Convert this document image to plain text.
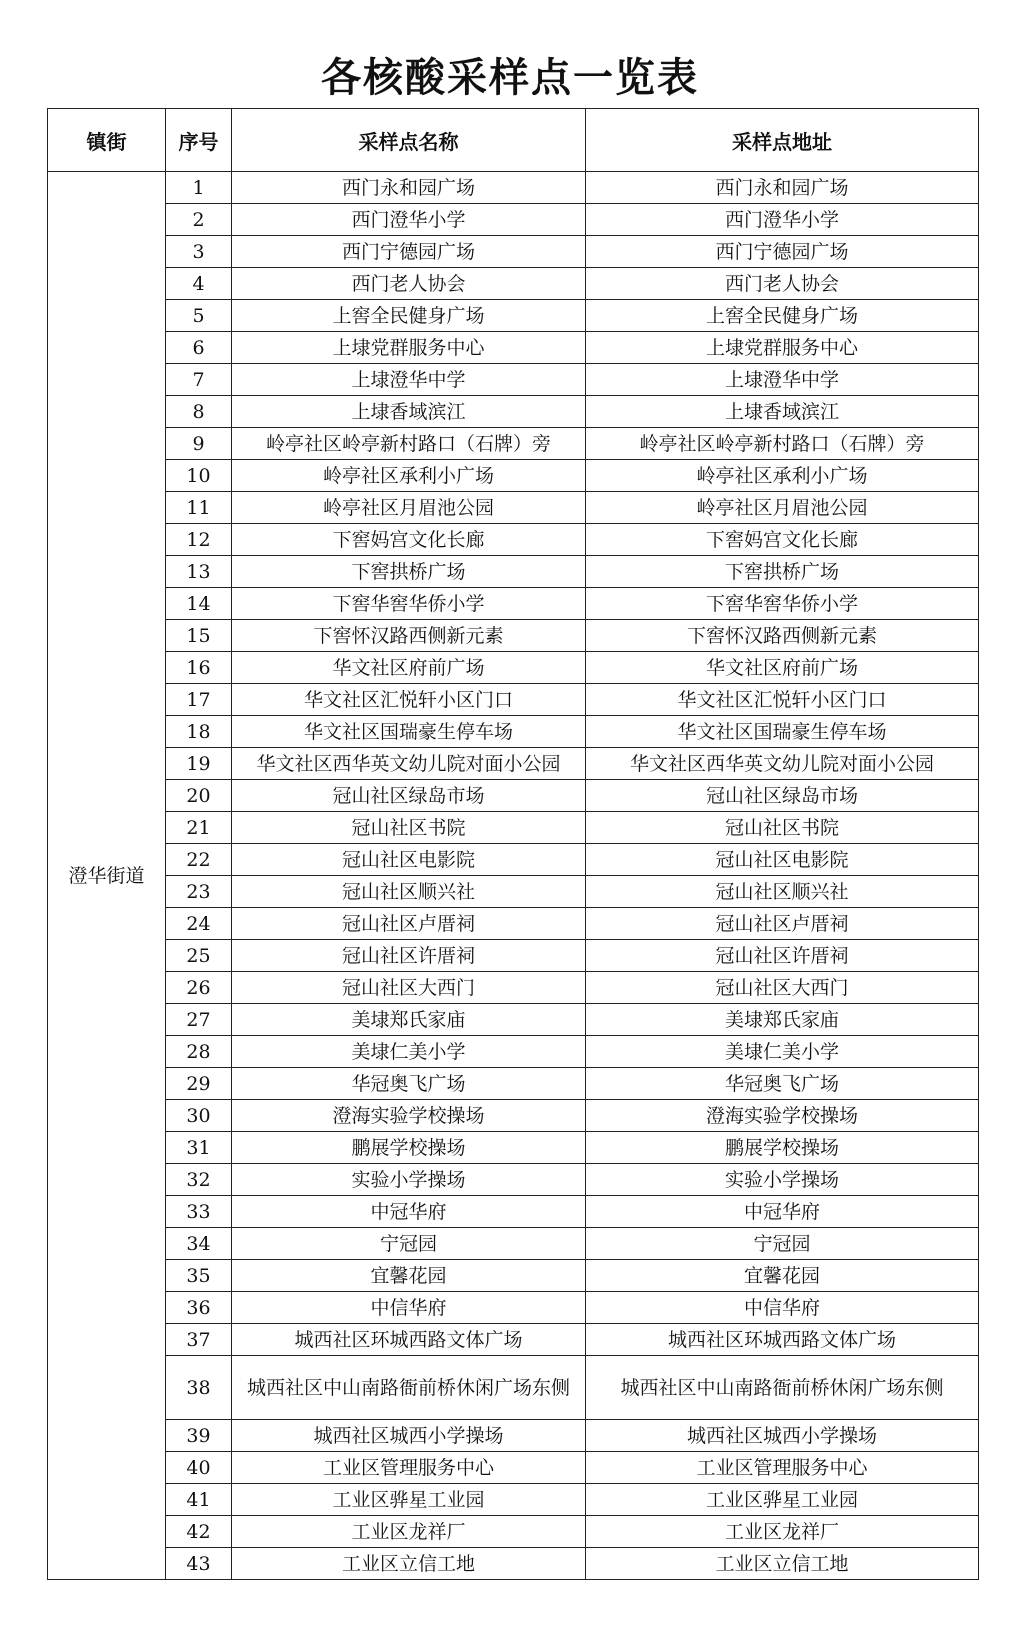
各核酸采样点一览表
镇街	序号	采样点名称	采样点地址
澄华街道	1	西门永和园广场	西门永和园广场
	2	西门澄华小学	西门澄华小学
	3	西门宁德园广场	西门宁德园广场
	4	西门老人协会	西门老人协会
	5	上窖全民健身广场	上窖全民健身广场
	6	上埭党群服务中心	上埭党群服务中心
	7	上埭澄华中学	上埭澄华中学
	8	上埭香域滨江	上埭香域滨江
	9	岭亭社区岭亭新村路口（石牌）旁	岭亭社区岭亭新村路口（石牌）旁
	10	岭亭社区承利小广场	岭亭社区承利小广场
	11	岭亭社区月眉池公园	岭亭社区月眉池公园
	12	下窖妈宫文化长廊	下窖妈宫文化长廊
	13	下窖拱桥广场	下窖拱桥广场
	14	下窖华窖华侨小学	下窖华窖华侨小学
	15	下窖怀汉路西侧新元素	下窖怀汉路西侧新元素
	16	华文社区府前广场	华文社区府前广场
	17	华文社区汇悦轩小区门口	华文社区汇悦轩小区门口
	18	华文社区国瑞豪生停车场	华文社区国瑞豪生停车场
	19	华文社区西华英文幼儿院对面小公园	华文社区西华英文幼儿院对面小公园
	20	冠山社区绿岛市场	冠山社区绿岛市场
	21	冠山社区书院	冠山社区书院
	22	冠山社区电影院	冠山社区电影院
	23	冠山社区顺兴社	冠山社区顺兴社
	24	冠山社区卢厝祠	冠山社区卢厝祠
	25	冠山社区许厝祠	冠山社区许厝祠
	26	冠山社区大西门	冠山社区大西门
	27	美埭郑氏家庙	美埭郑氏家庙
	28	美埭仁美小学	美埭仁美小学
	29	华冠奥飞广场	华冠奥飞广场
	30	澄海实验学校操场	澄海实验学校操场
	31	鹏展学校操场	鹏展学校操场
	32	实验小学操场	实验小学操场
	33	中冠华府	中冠华府
	34	宁冠园	宁冠园
	35	宜馨花园	宜馨花园
	36	中信华府	中信华府
	37	城西社区环城西路文体广场	城西社区环城西路文体广场
	38	城西社区中山南路衙前桥休闲广场东侧	城西社区中山南路衙前桥休闲广场东侧
	39	城西社区城西小学操场	城西社区城西小学操场
	40	工业区管理服务中心	工业区管理服务中心
	41	工业区骅星工业园	工业区骅星工业园
	42	工业区龙祥厂	工业区龙祥厂
	43	工业区立信工地	工业区立信工地
